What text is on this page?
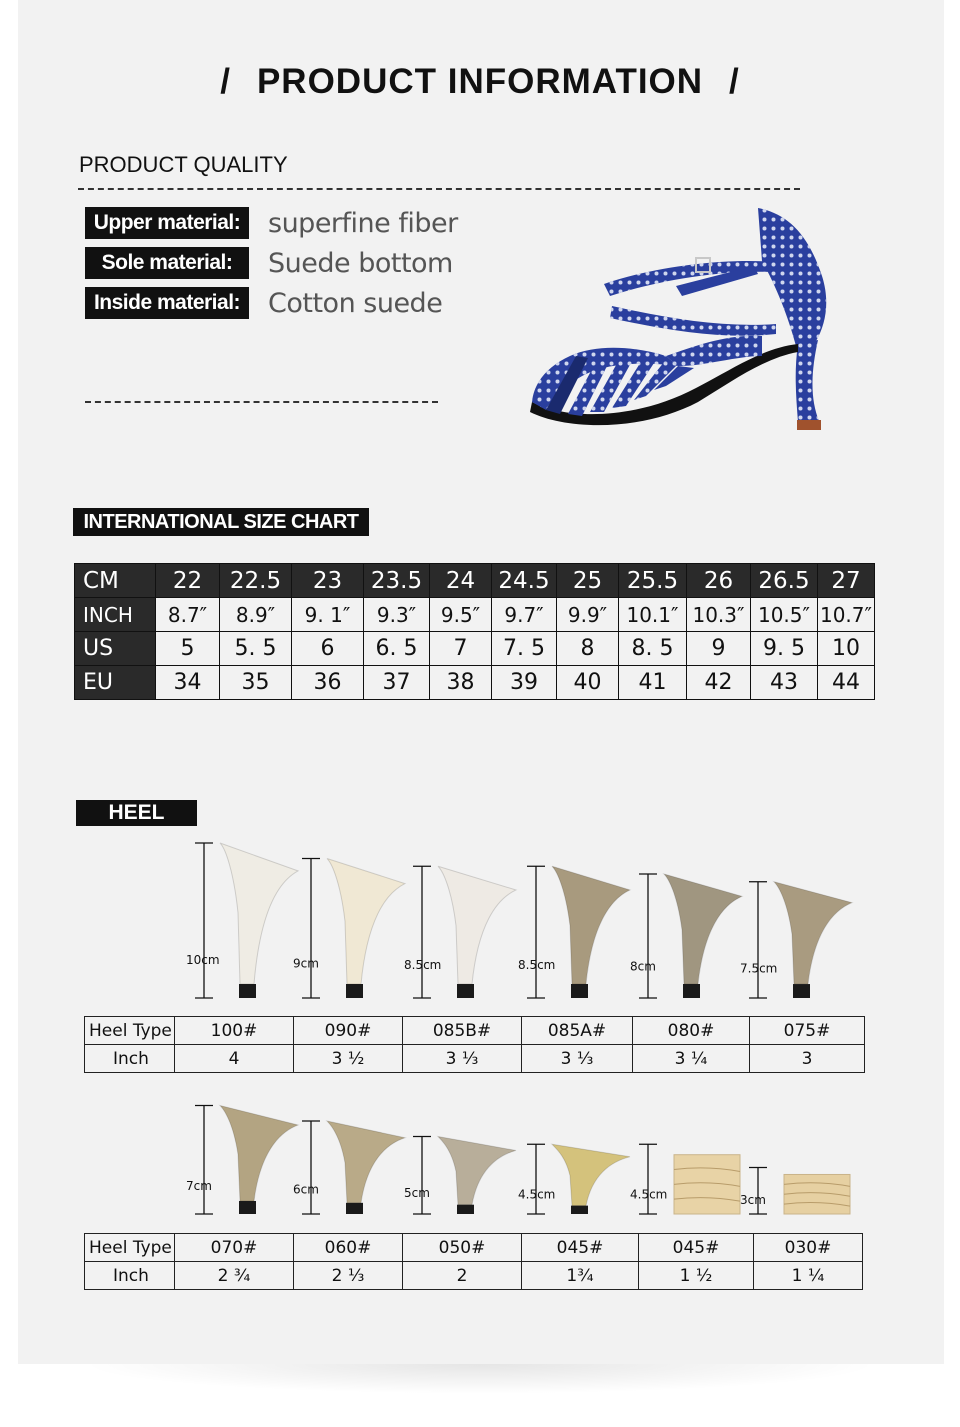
/ PRODUCT INFORMATION /
PRODUCT QUALITY
Upper material:	superfine fiber
Sole material:	Suede bottom
Inside material:	Cotton suede
INTERNATIONAL SIZE CHART
CM	22	22.5	23	23.5	24	24.5	25	25.5	26	26.5	27
INCH	8.7″	8.9″	9. 1″	9.3″	9.5″	9.7″	9.9″	10.1″	10.3″	10.5″	10.7″
US	5	5. 5	6	6. 5	7	7. 5	8	8. 5	9	9. 5	10
EU	34	35	36	37	38	39	40	41	42	43	44
HEEL
10cm	9cm	8.5cm	8.5cm	8cm	7.5cm
Heel Type	100#	090#	085B#	085A#	080#	075#
Inch	4	3 ½	3 ⅓	3 ⅓	3 ¼	3
7cm	6cm	5cm	4.5cm	4.5cm	3cm
Heel Type	070#	060#	050#	045#	045#	030#
Inch	2 ¾	2 ⅓	2	1¾	1 ½	1 ¼
